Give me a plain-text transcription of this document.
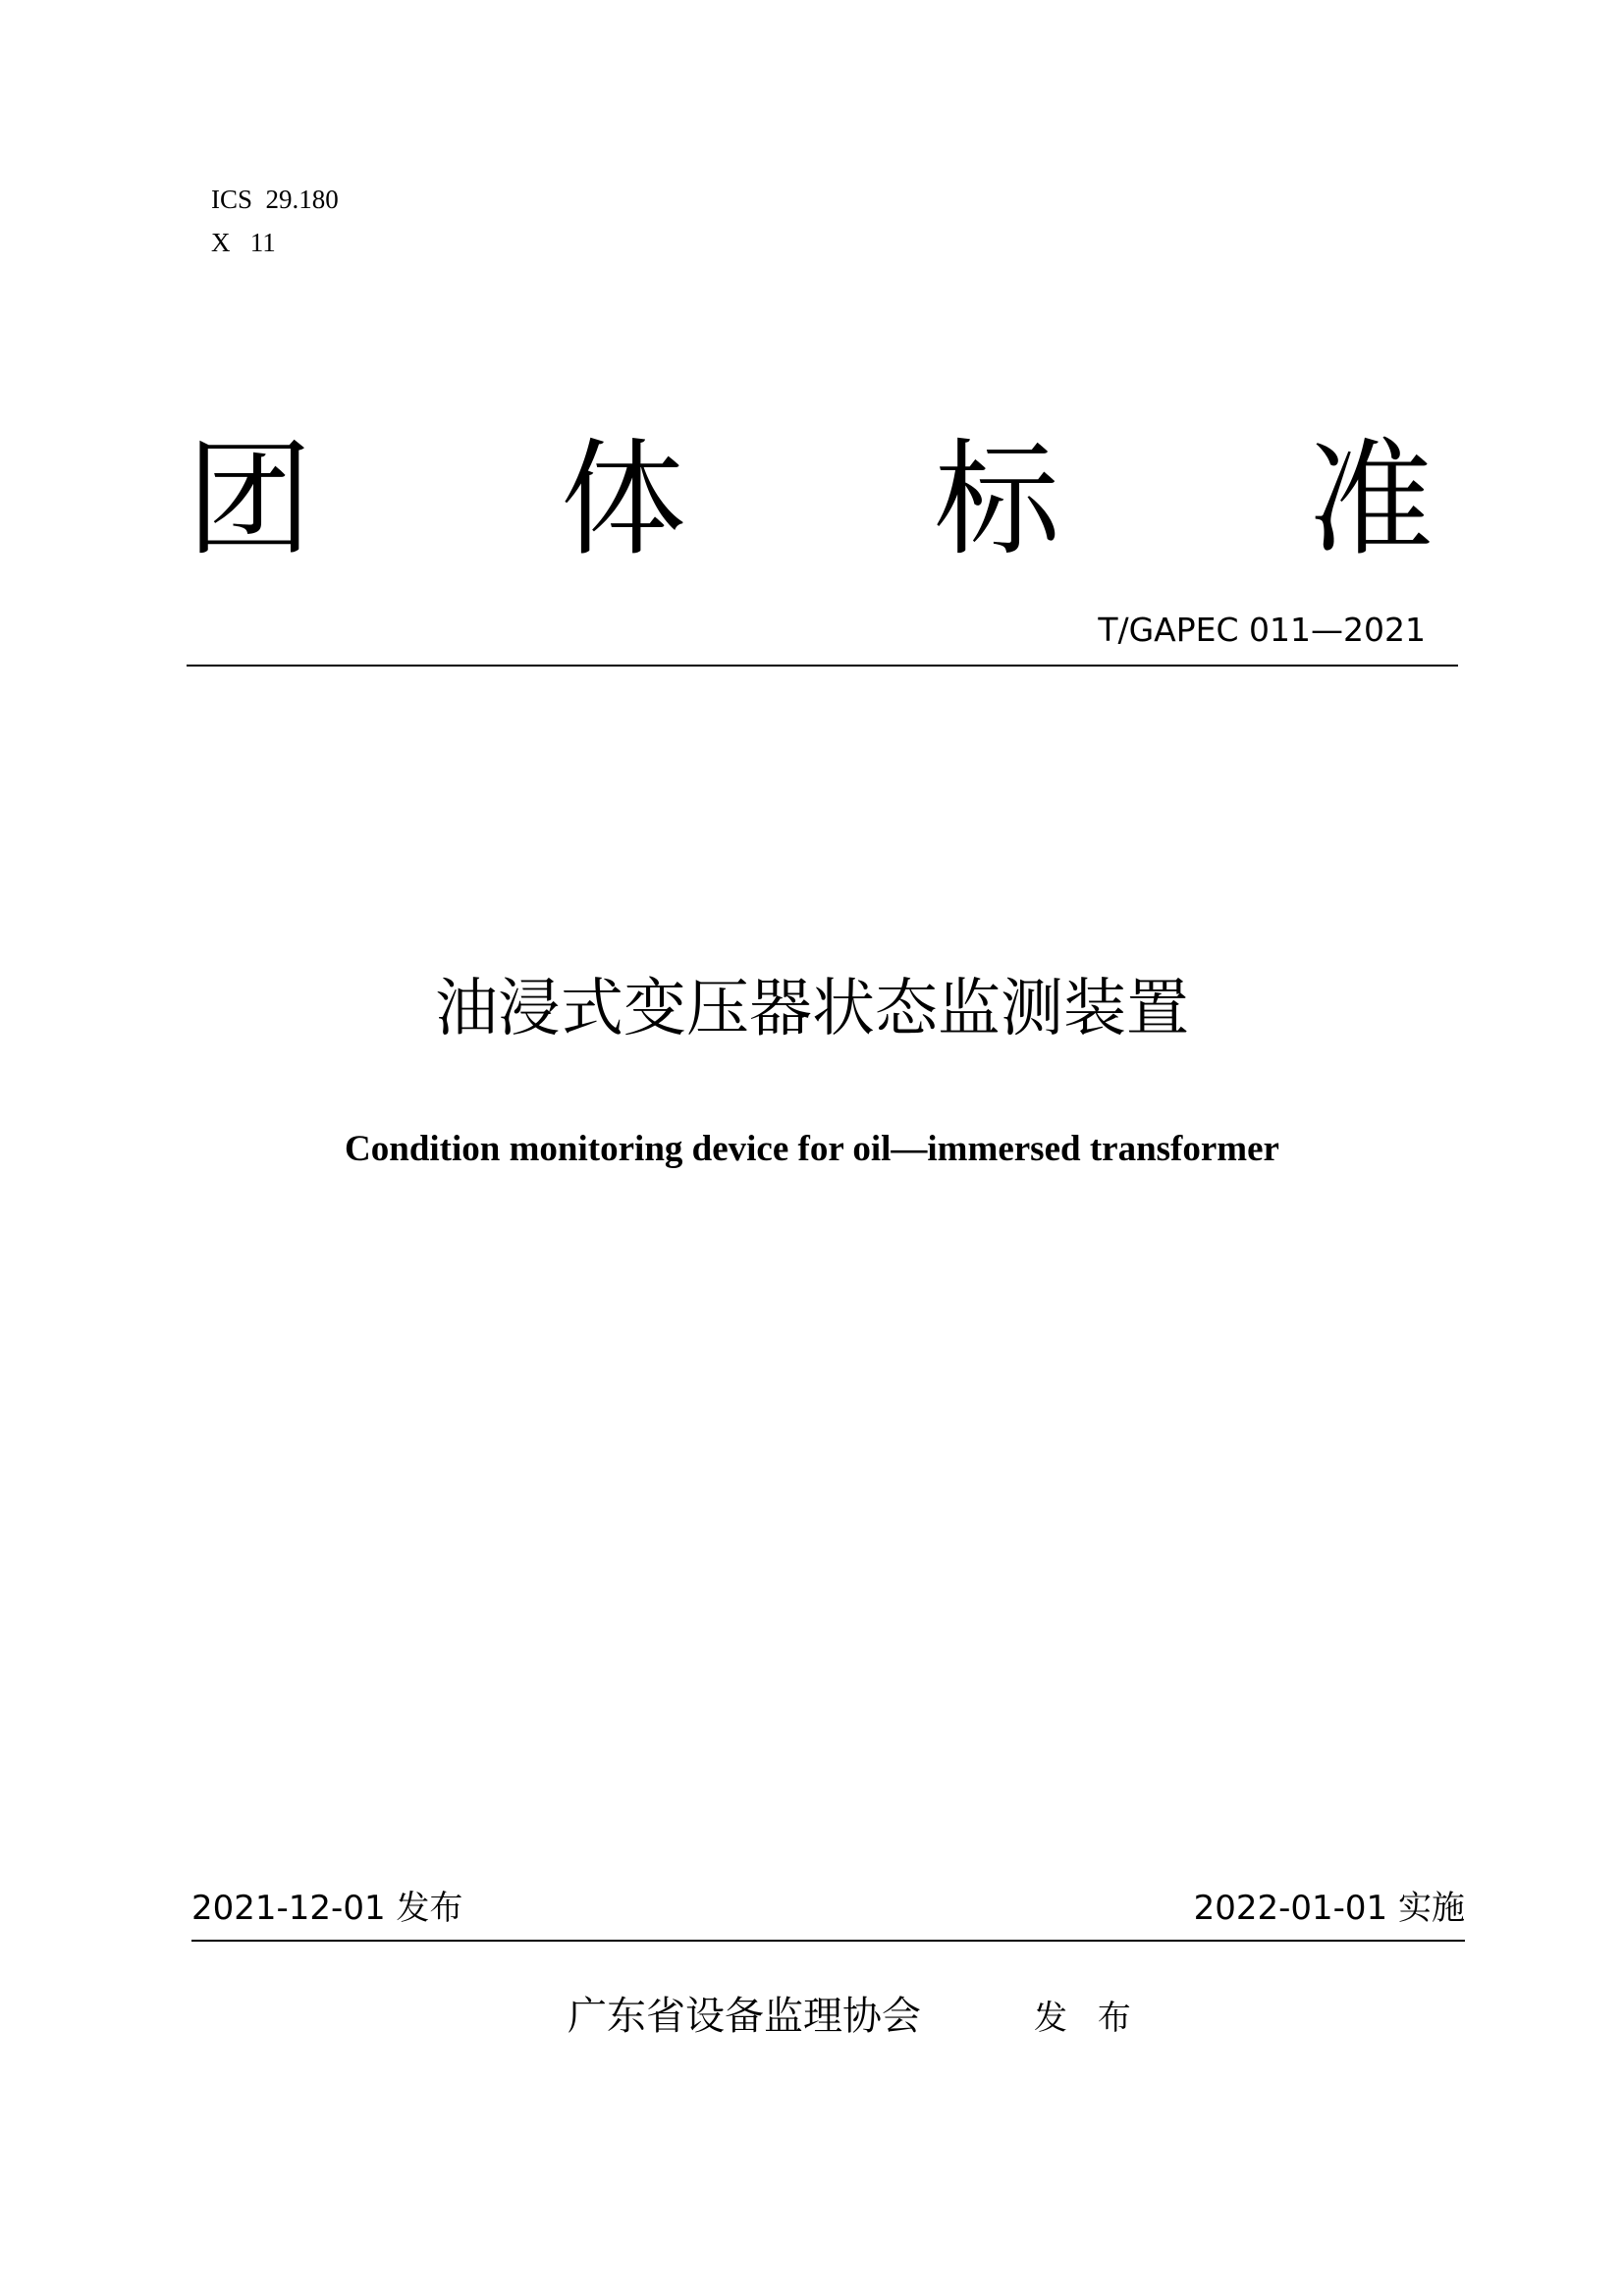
ICS  29.180
X   11
团 体 标 准
T/GAPEC 011—2021
油浸式变压器状态监测装置
Condition monitoring device for oil—immersed transformer
2021-12-01 发布	2022-01-01 实施
广东省设备监理协会	发 布
